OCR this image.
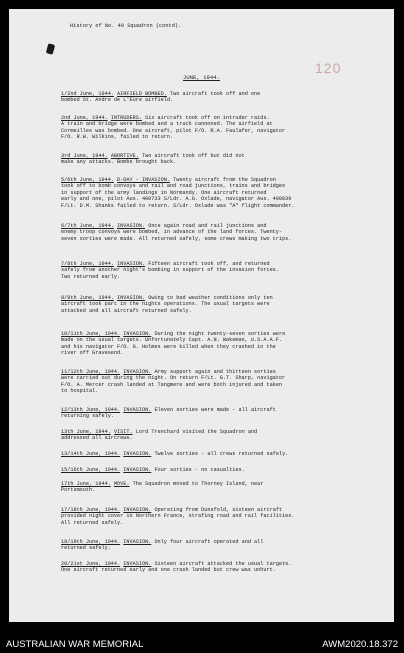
120
History of No. 40 Squadron (contd).
JUNE, 1944.

1/2nd June, 1944. AIRFIELD BOMBED. Two aircraft took off and one

bombed St. Andre de L'Eure airfield.

2nd June, 1944. INTRUDERS. Six aircraft took off on intruder raids.

A train and bridge were bombed and a truck cannoned. The airfield at

Cormeilles was bombed. One aircraft, pilot F/O. R.A. Faulafer, navigator

F/O. R.W. Wilkins, failed to return.

3rd June, 1944. ABORTIVE. Two aircraft took off but did not

make any attacks. Bombs brought back.

5/6th June, 1944. D-DAY - INVASION. Twenty aircraft from the Squadron

took off to bomb convoys and rail and road junctions, trains and bridges

in support of the army landings in Normandy. One aircraft returned

early and one, pilot Aus. 400733 S/Ldr. A.G. Oxlade, navigator Aus. 400839

F/Lt. D.M. Shanks failed to return. S/Ldr. Oxlade was "A" flight commander.

6/7th June, 1944. INVASION. Once again road and rail junctions and

enemy troop convoys were bombed, in advance of the land forces. Twenty-

seven sorties were made. All returned safely, some crews making two trips.

7/8th June, 1944. INVASION. Fifteen aircraft took off, and returned

safely from another night's bombing in support of the invasion forces.

Two returned early.

8/9th June, 1944. INVASION. Owing to bad weather conditions only ten

aircraft took part in the nights operations. The usual targets were

attacked and all aircraft returned safely.

10/11th June, 1944. INVASION. During the night twenty-seven sorties were

made on the usual targets. Unfortunately Capt. A.N. Wakeman, U.S.A.A.F.

and his navigator F/O. G. Holmes were killed when they crashed in the

river off Gravesend.

11/12th June, 1944. INVASION. Army support again and thirteen sorties

were carried out during the night. On return F/Lt. G.T. Sharp, navigator

F/O. A. Mercer crash landed at Tangmere and were both injured and taken

to hospital.

12/13th June, 1944. INVASION. Eleven sorties were made - all aircraft

returning safely.

13th June, 1944. VISIT. Lord Trenchard visited the Squadron and

addressed all aircrews.

13/14th June, 1944. INVASION. Twelve sorties - all crews returned safely.

15/16th June, 1944. INVASION. Four sorties - no casualties.

17th June, 1944. MOVE. The Squadron moved to Thorney Island, near

Portsmouth.

17/18th June, 1944. INVASION. Operating from Dunsfold, sixteen aircraft

provided night cover in Northern France, strafing road and rail facilities.

All returned safely.

18/19th June, 1944. INVASION. Only four aircraft operated and all

returned safely.

20/21st June, 1944. INVASION. Sixteen aircraft attacked the usual targets.

One aircraft returned early and one crash landed but crew was unhurt.

AUSTRALIAN WAR MEMORIAL	AWM2020.18.372
